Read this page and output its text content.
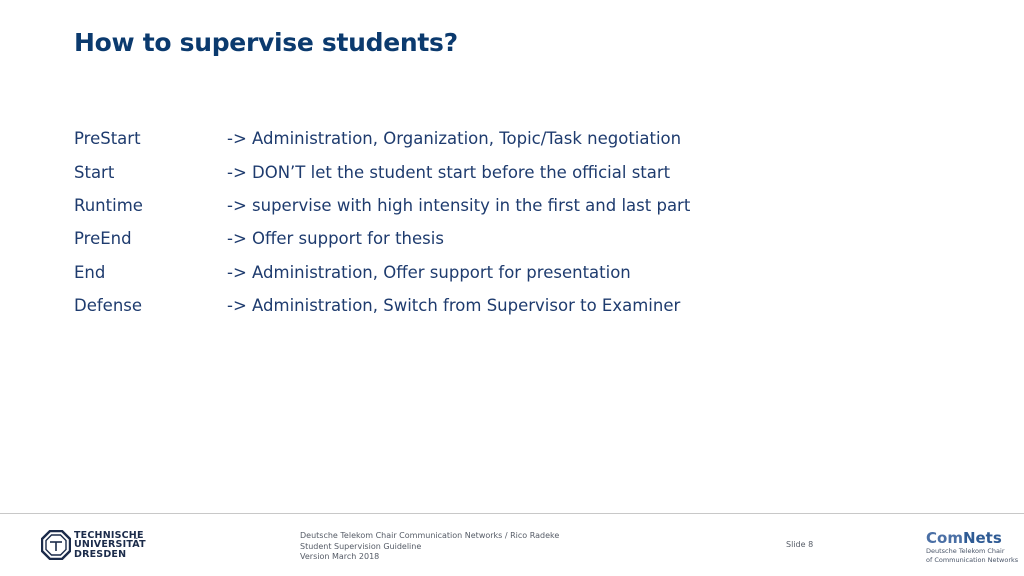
How to supervise students?
PreStart	-> Administration, Organization, Topic/Task negotiation
Start	-> DON’T let the student start before the official start
Runtime	-> supervise with high intensity in the first and last part
PreEnd	-> Offer support for thesis
End	-> Administration, Offer support for presentation
Defense	-> Administration, Switch from Supervisor to Examiner
TECHNISCHE
UNIVERSITÄT
DRESDEN
Deutsche Telekom Chair Communication Networks / Rico Radeke
Student Supervision Guideline
Version March 2018
Slide 8	ComNets
Deutsche Telekom Chair
of Communication Networks
